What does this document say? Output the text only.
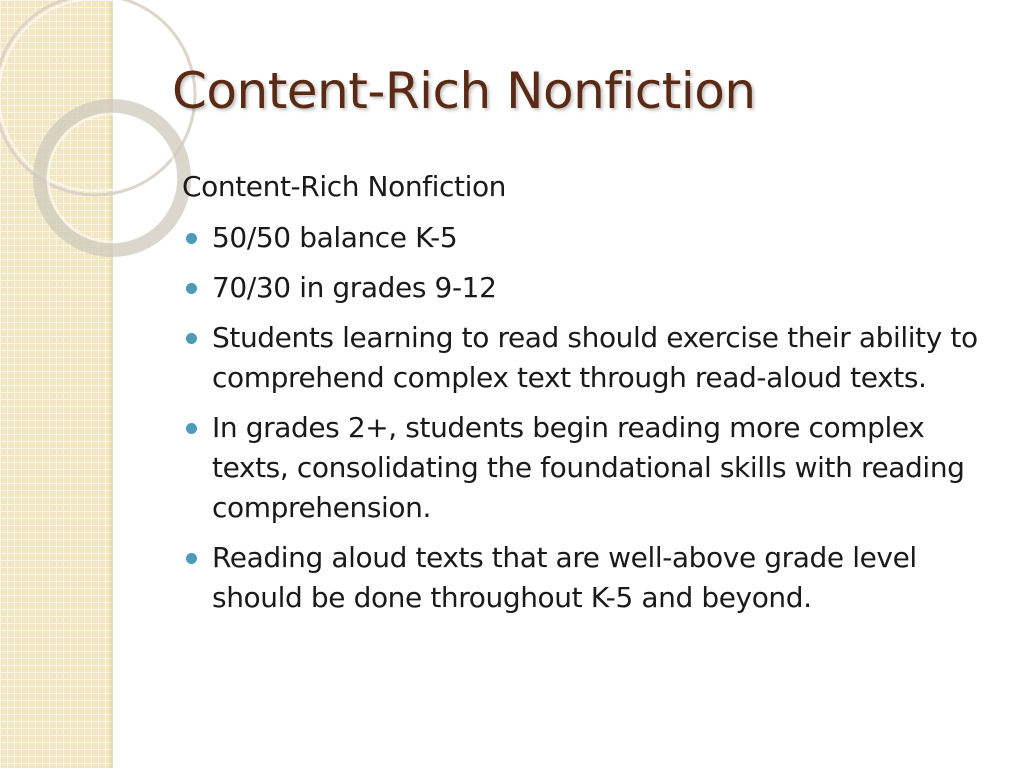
Content-Rich Nonfiction

Content-Rich Nonfiction

50/50 balance K-5
70/30 in grades 9-12
Students learning to read should exercise their ability to comprehend complex text through read-aloud texts.
In grades 2+, students begin reading more complex texts, consolidating the foundational skills with reading comprehension.
Reading aloud texts that are well-above grade level should be done throughout K-5 and beyond.
